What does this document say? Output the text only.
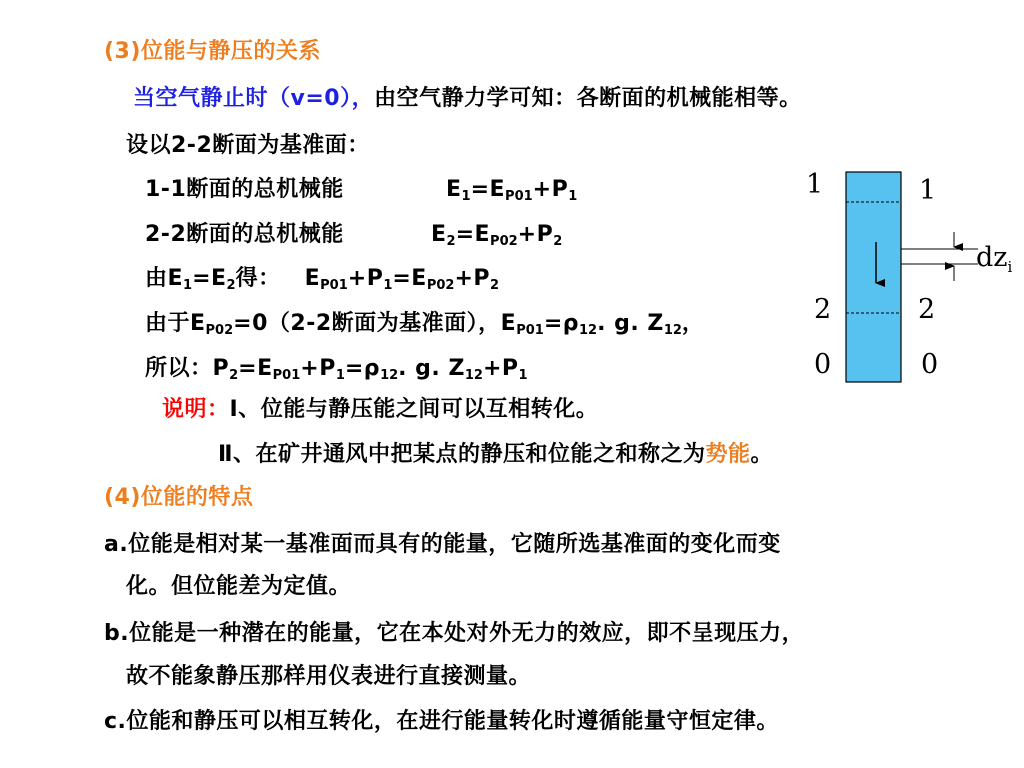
(3)位能与静压的关系
当空气静止时（v=0），由空气静力学可知：各断面的机械能相等。
设以2-2断面为基准面：
1-1断面的总机械能	$E_1=E_{P01}+P_1$
2-2断面的总机械能	$E_2=E_{P02}+P_2$
由$E_1=E_2$得： $E_{P01}+P_1=E_{P02}+P_2$
由于$E_{P02}=0(2-2$断面为基准面），$E_{P01}=\rho_{12}$. g. $Z_{12}$，
所以：$P_2=E_{P01}+P_1=\rho_{12}$. g. $Z_{12}+P_1$
说明：Ⅰ、位能与静压能之间可以互相转化。
Ⅱ、在矿井通风中把某点的静压和位能之和称之为势能。
(4)位能的特点
a.位能是相对某一基准面而具有的能量，它随所选基准面的变化而变
化。但位能差为定值。
b.位能是一种潜在的能量，它在本处对外无力的效应，即不呈现压力，
故不能象静压那样用仪表进行直接测量。
c.位能和静压可以相互转化，在进行能量转化时遵循能量守恒定律。
1	1
$dz_i$
2	2
0	0
